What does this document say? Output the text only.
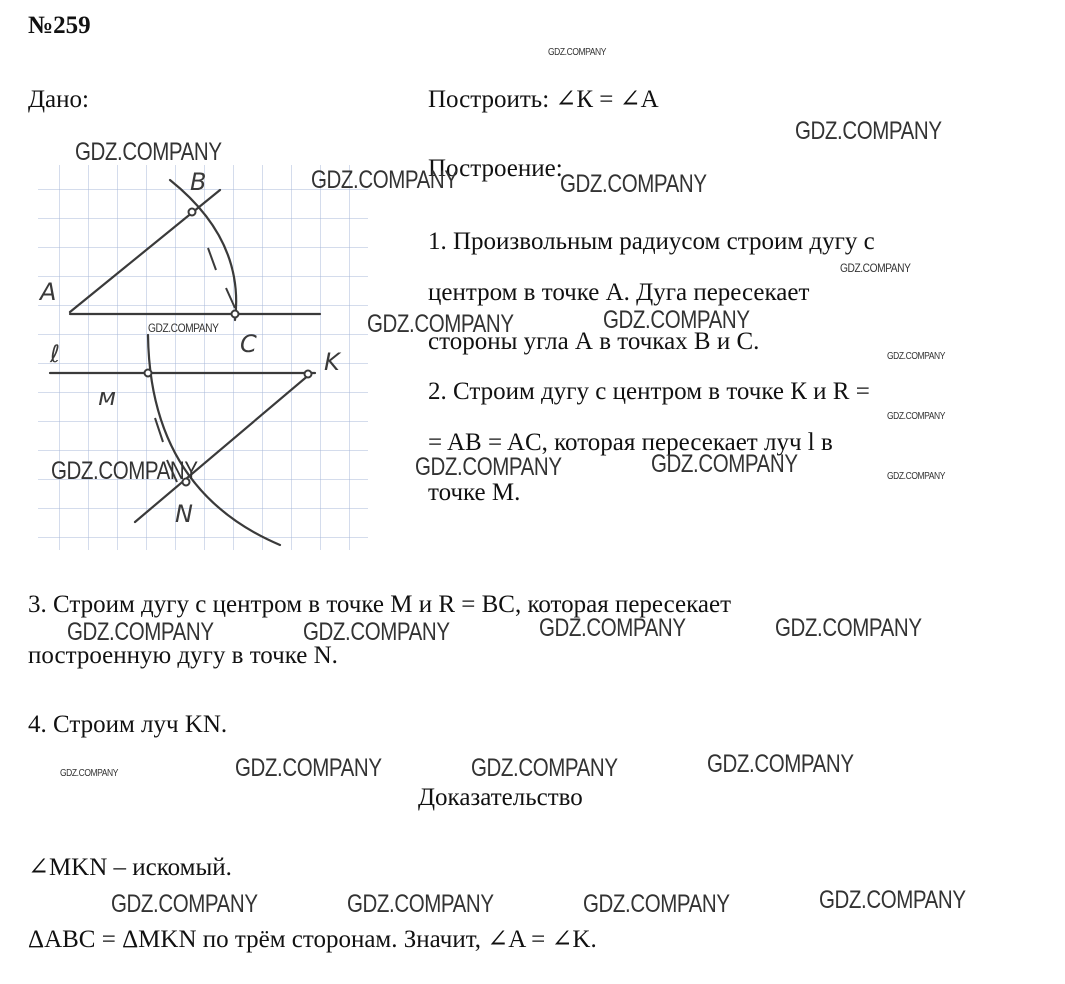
№259
Дано:	Построить: ∠К = ∠А
Построение:
1. Произвольным радиусом строим дугу с
центром в точке А. Дуга пересекает
стороны угла А в точках В и С.
2. Строим дугу с центром в точке К и R =
= AB = AC, которая пересекает луч l в
точке M.
3. Строим дугу с центром в точке М и R = BC, которая пересекает
построенную дугу в точке N.
4. Строим луч KN.
Доказательство
∠MKN – искомый.
ΔABC = ΔMKN по трём сторонам. Значит, ∠A = ∠K.
A
B
C
ℓ
м
K
N
GDZ.COMPANY
GDZ.COMPANY
GDZ.COMPANY
GDZ.COMPANY	GDZ.COMPANY
GDZ.COMPANY
GDZ.COMPANY	GDZ.COMPANY	GDZ.COMPANY
GDZ.COMPANY
GDZ.COMPANY
GDZ.COMPANY	GDZ.COMPANY	GDZ.COMPANY	GDZ.COMPANY
GDZ.COMPANY	GDZ.COMPANY	GDZ.COMPANY	GDZ.COMPANY
GDZ.COMPANY	GDZ.COMPANY	GDZ.COMPANY	GDZ.COMPANY
GDZ.COMPANY	GDZ.COMPANY	GDZ.COMPANY	GDZ.COMPANY
